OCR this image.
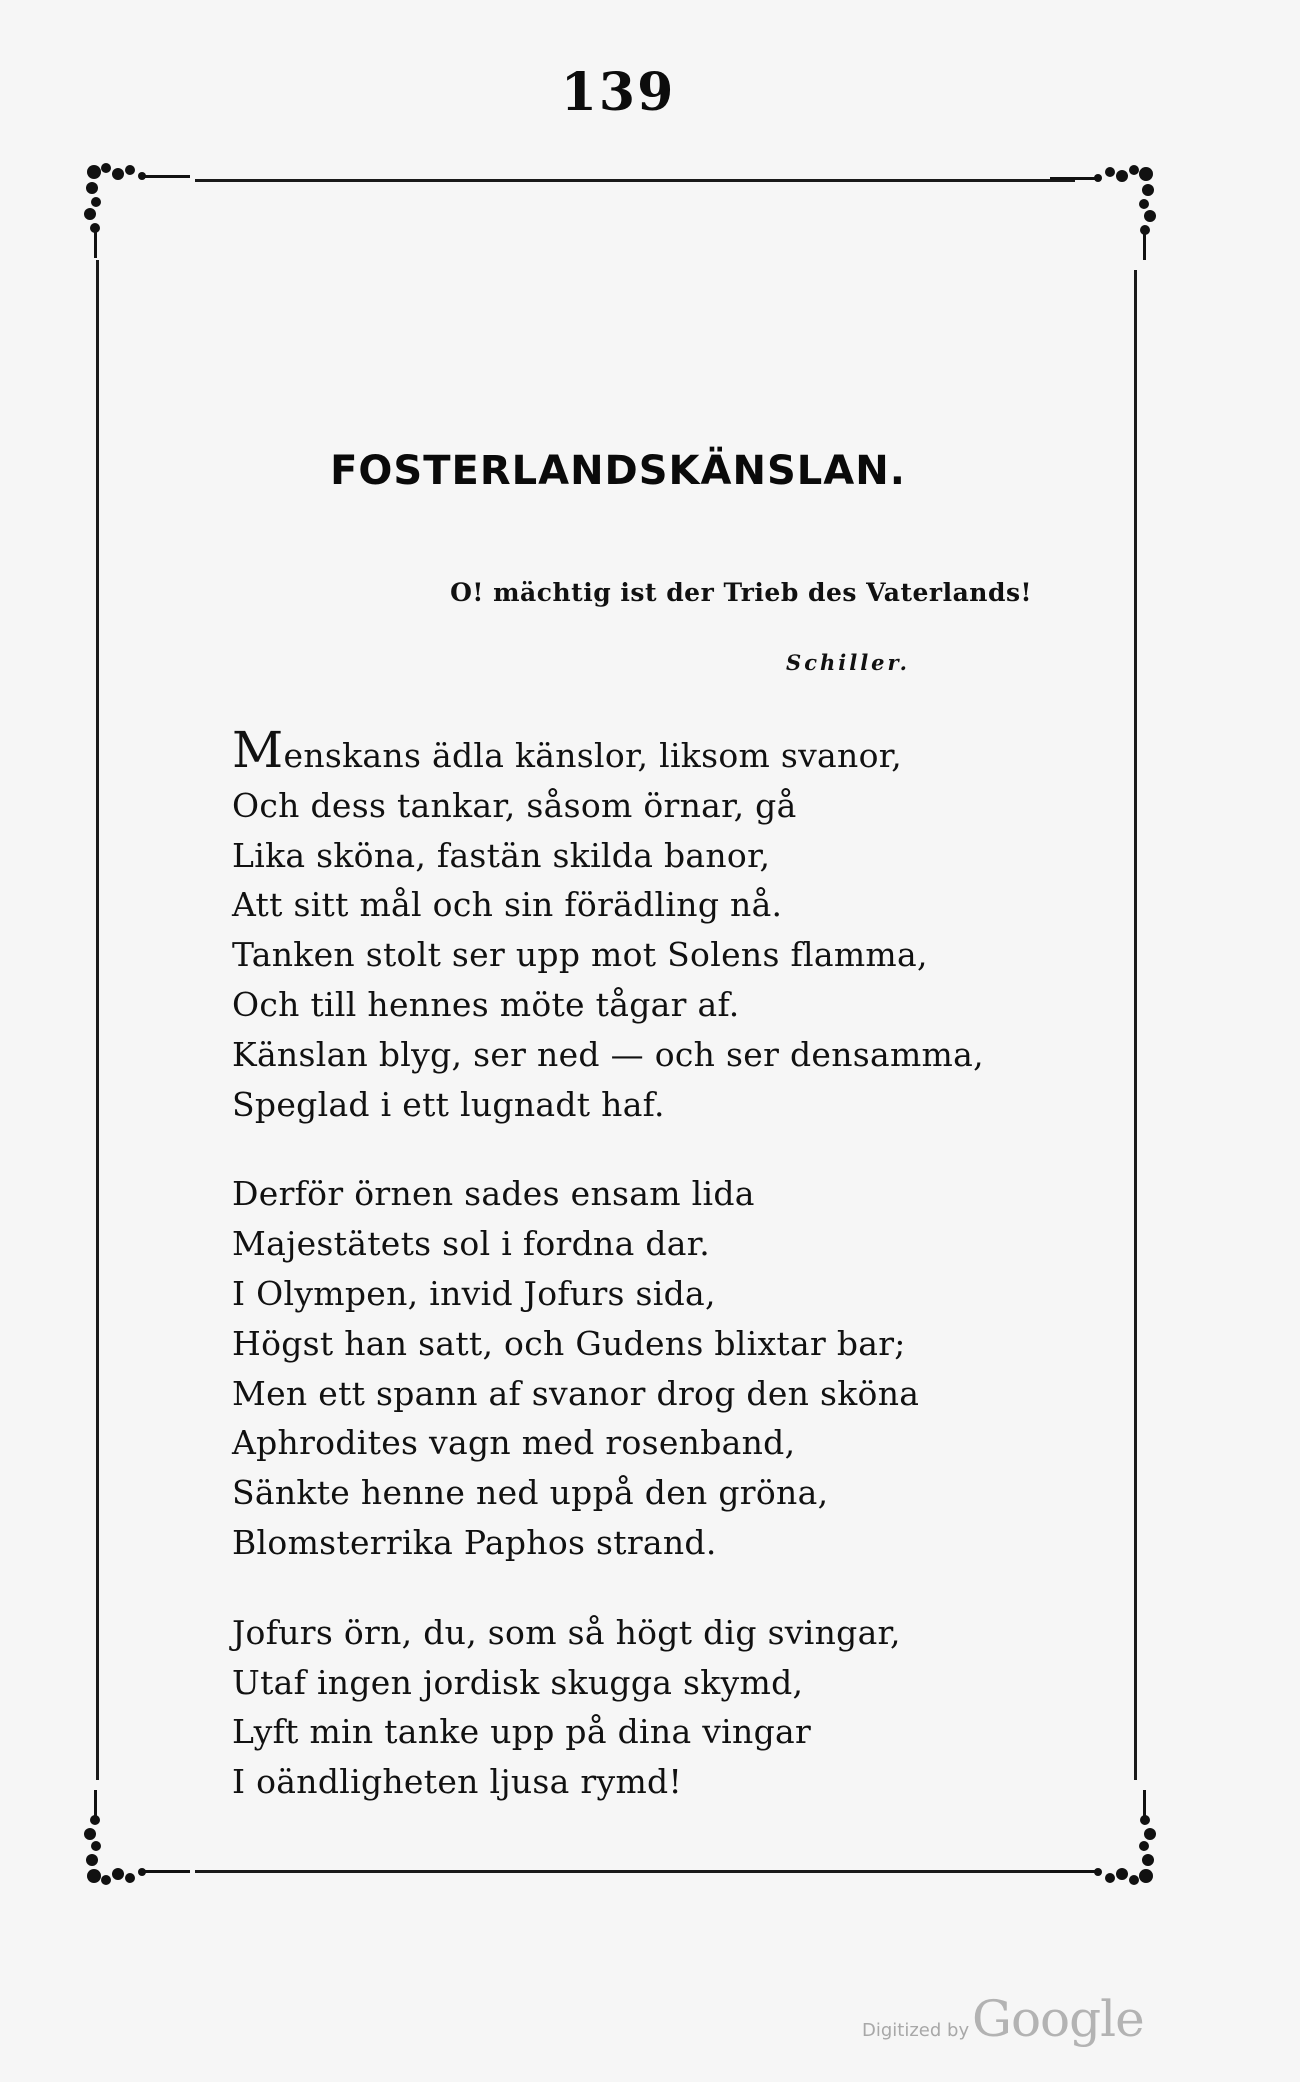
139
FOSTERLANDSKÄNSLAN.
O! mächtig ist der Trieb des Vaterlands!
Schiller.
Menskans ädla känslor, liksom svanor,
Och dess tankar, såsom örnar, gå
Lika sköna, fastän skilda banor,
Att sitt mål och sin förädling nå.
Tanken stolt ser upp mot Solens flamma,
Och till hennes möte tågar af.
Känslan blyg, ser ned — och ser densamma,
Speglad i ett lugnadt haf.
Derför örnen sades ensam lida
Majestätets sol i fordna dar.
I Olympen, invid Jofurs sida,
Högst han satt, och Gudens blixtar bar;
Men ett spann af svanor drog den sköna
Aphrodites vagn med rosenband,
Sänkte henne ned uppå den gröna,
Blomsterrika Paphos strand.
Jofurs örn, du, som så högt dig svingar,
Utaf ingen jordisk skugga skymd,
Lyft min tanke upp på dina vingar
I oändligheten ljusa rymd!
Digitized by Google
